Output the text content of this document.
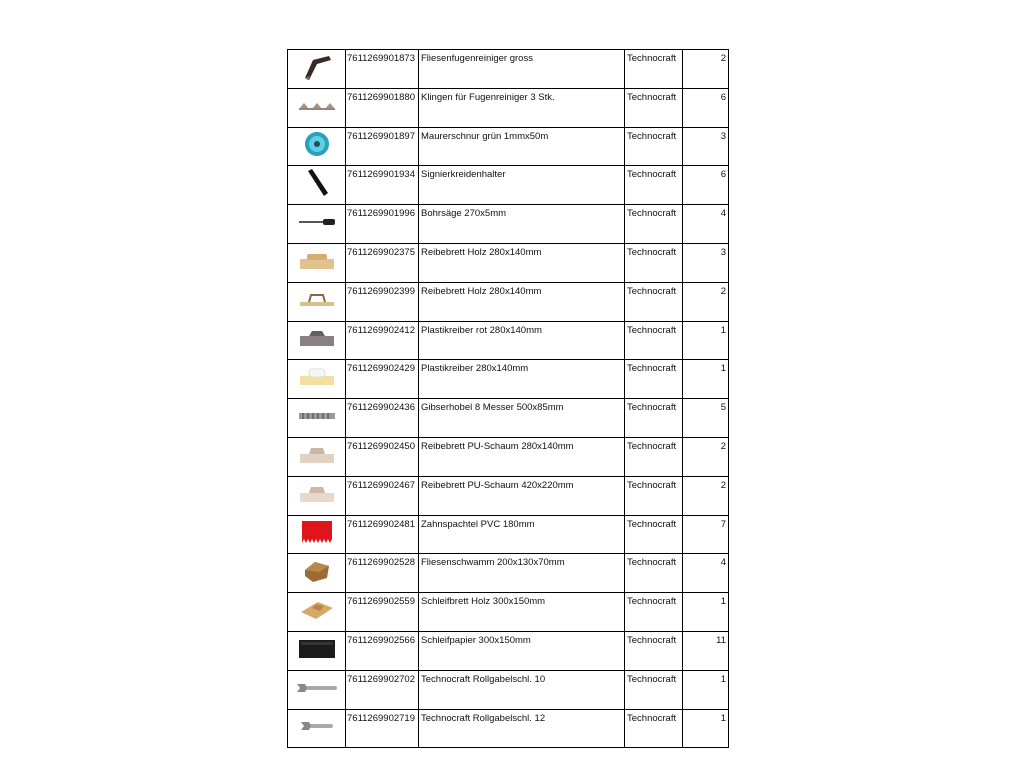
	7611269901873	Fliesenfugenreiniger gross	Technocraft	2

	7611269901880	Klingen für Fugenreiniger 3 Stk.	Technocraft	6

	7611269901897	Maurerschnur grün 1mmx50m	Technocraft	3

	7611269901934	Signierkreidenhalter	Technocraft	6

	7611269901996	Bohrsäge 270x5mm	Technocraft	4

	7611269902375	Reibebrett Holz 280x140mm	Technocraft	3

	7611269902399	Reibebrett Holz 280x140mm	Technocraft	2

	7611269902412	Plastikreiber rot 280x140mm	Technocraft	1

	7611269902429	Plastikreiber 280x140mm	Technocraft	1

	7611269902436	Gibserhobel 8 Messer 500x85mm	Technocraft	5

	7611269902450	Reibebrett PU-Schaum 280x140mm	Technocraft	2

	7611269902467	Reibebrett PU-Schaum 420x220mm	Technocraft	2

	7611269902481	Zahnspachtel PVC 180mm	Technocraft	7

	7611269902528	Fliesenschwamm 200x130x70mm	Technocraft	4

	7611269902559	Schleifbrett Holz 300x150mm	Technocraft	1

	7611269902566	Schleifpapier 300x150mm	Technocraft	11

	7611269902702	Technocraft Rollgabelschl. 10	Technocraft	1

	7611269902719	Technocraft Rollgabelschl. 12	Technocraft	1
